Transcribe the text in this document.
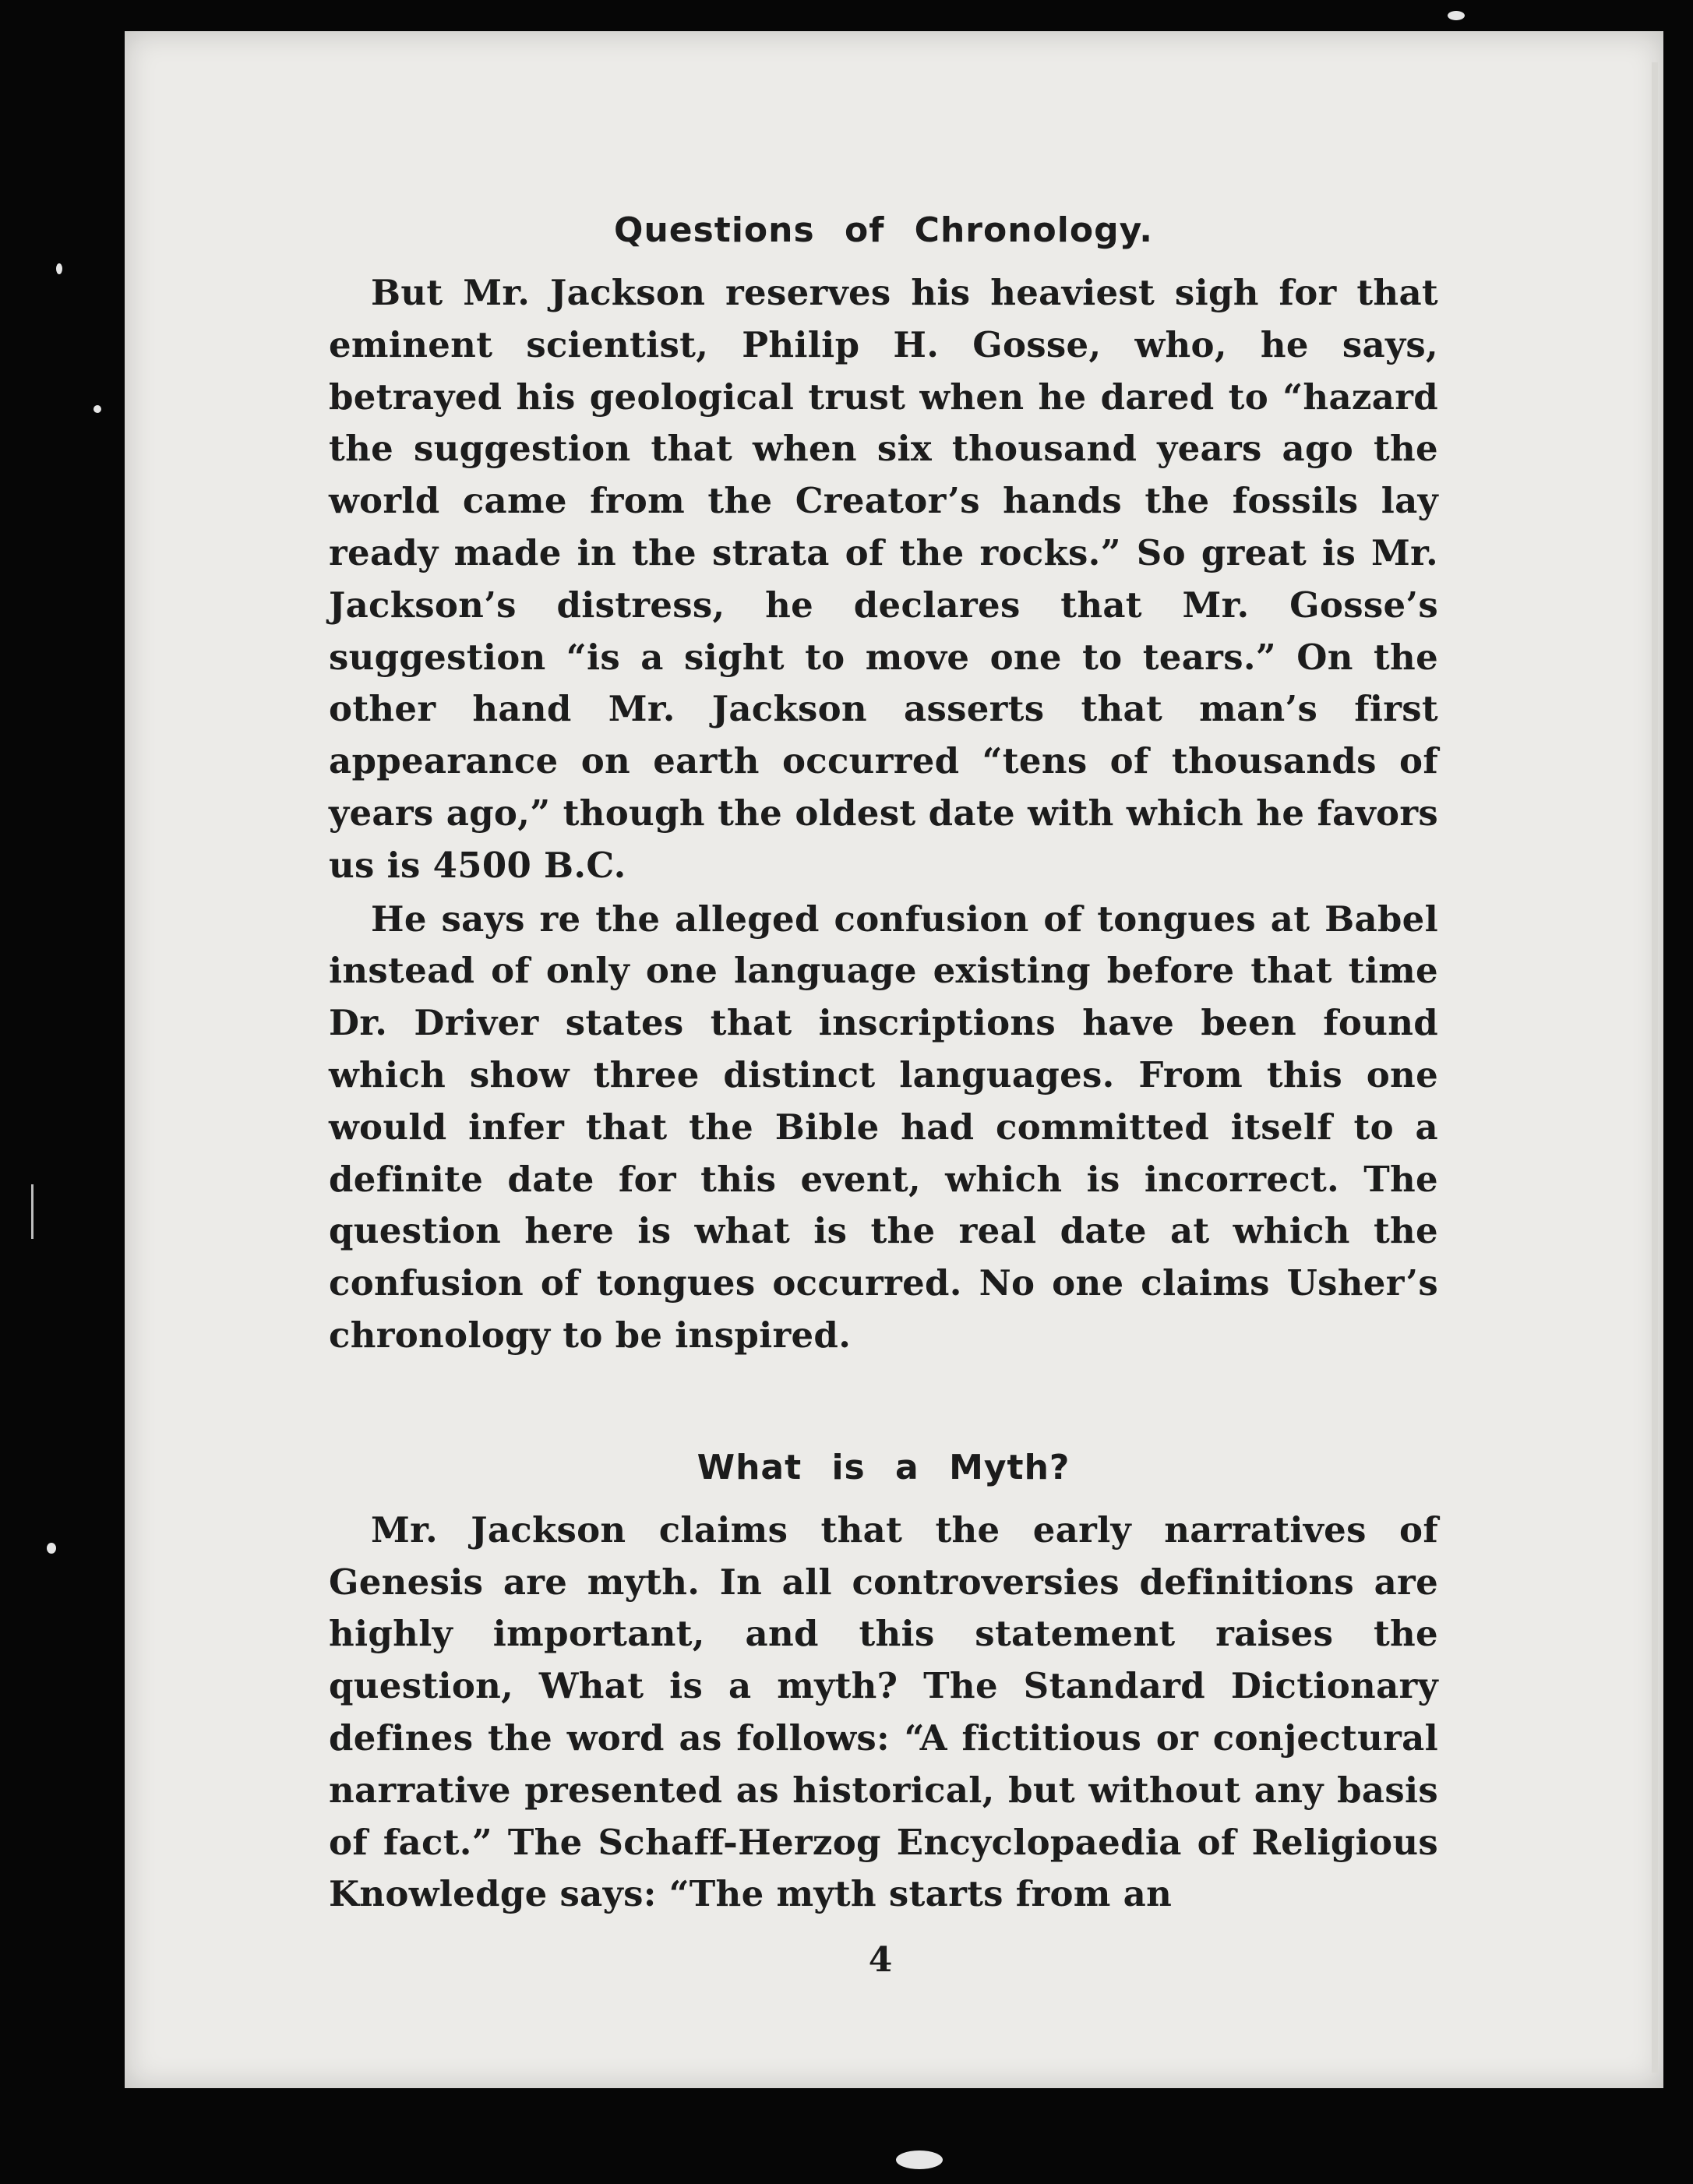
Questions of Chronology.

But Mr. Jackson reserves his heaviest sigh for that eminent scientist, Philip H. Gosse, who, he says, betrayed his geological trust when he dared to “hazard the suggestion that when six thousand years ago the world came from the Creator’s hands the fossils lay ready made in the strata of the rocks.” So great is Mr. Jackson’s distress, he declares that Mr. Gosse’s suggestion “is a sight to move one to tears.” On the other hand Mr. Jackson asserts that man’s first appearance on earth occurred “tens of thousands of years ago,” though the oldest date with which he favors us is 4500 B.C.

He says re the alleged confusion of tongues at Babel instead of only one language existing before that time Dr. Driver states that inscriptions have been found which show three distinct languages. From this one would infer that the Bible had committed itself to a definite date for this event, which is incorrect. The question here is what is the real date at which the confusion of tongues occurred. No one claims Usher’s chronology to be inspired.

What is a Myth?

Mr. Jackson claims that the early narratives of Genesis are myth. In all controversies definitions are highly important, and this statement raises the question, What is a myth? The Standard Dictionary defines the word as follows: “A fictitious or conjectural narrative presented as historical, but without any basis of fact.” The Schaff-Herzog Encyclopaedia of Religious Knowledge says: “The myth starts from an

4
